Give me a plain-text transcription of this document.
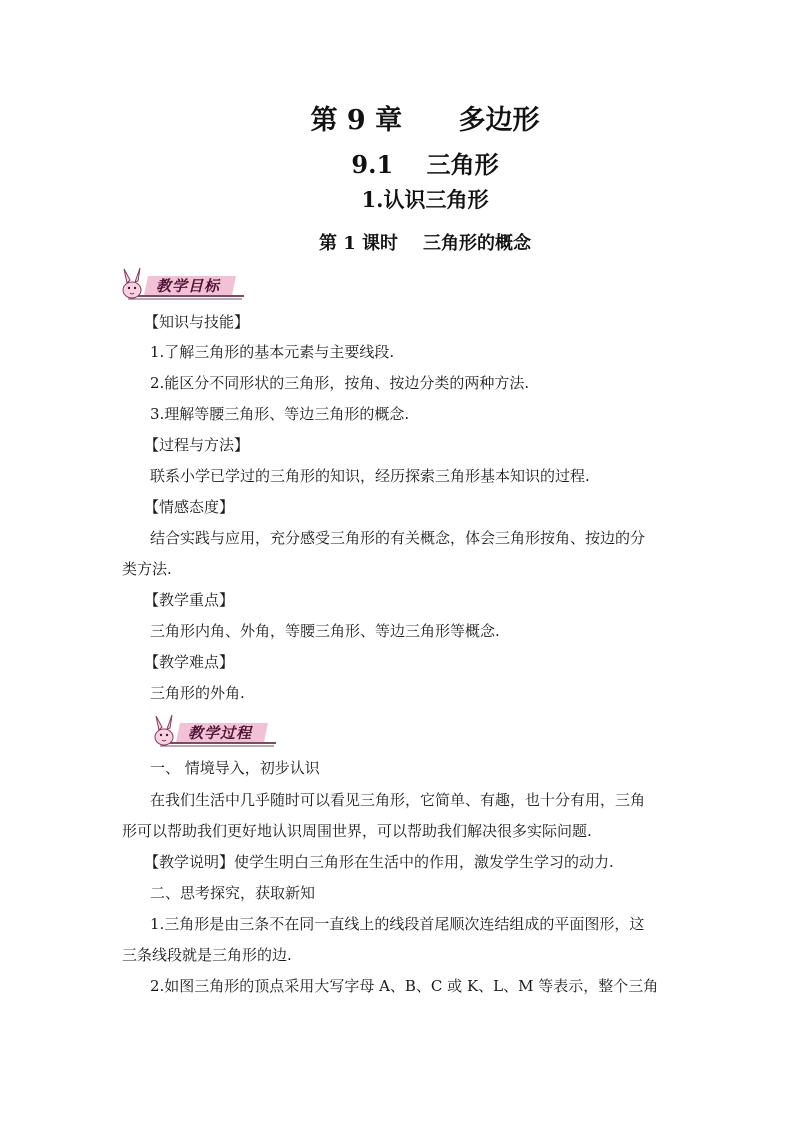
第 9 章      多边形
9.1    三角形
1.认识三角形
第 1 课时    三角形的概念
教学目标
【知识与技能】
1.了解三角形的基本元素与主要线段.
2.能区分不同形状的三角形，按角、按边分类的两种方法.
3.理解等腰三角形、等边三角形的概念.
【过程与方法】
联系小学已学过的三角形的知识，经历探索三角形基本知识的过程.
【情感态度】
结合实践与应用，充分感受三角形的有关概念，体会三角形按角、按边的分
类方法.
【教学重点】
三角形内角、外角，等腰三角形、等边三角形等概念.
【教学难点】
三角形的外角.
教学过程
一、 情境导入，初步认识
在我们生活中几乎随时可以看见三角形，它简单、有趣，也十分有用，三角
形可以帮助我们更好地认识周围世界，可以帮助我们解决很多实际问题.
【教学说明】使学生明白三角形在生活中的作用，激发学生学习的动力.
二、思考探究，获取新知
1.三角形是由三条不在同一直线上的线段首尾顺次连结组成的平面图形，这
三条线段就是三角形的边.
2.如图三角形的顶点采用大写字母 A、B、C 或 K、L、M 等表示，整个三角
